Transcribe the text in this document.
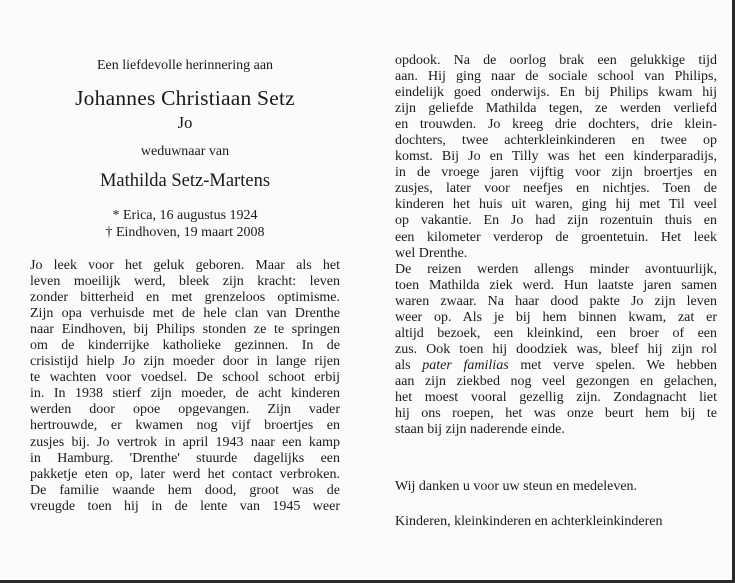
Een liefdevolle herinnering aan
Johannes Christiaan Setz
Jo
weduwnaar van
Mathilda Setz-Martens
* Erica, 16 augustus 1924
† Eindhoven, 19 maart 2008
Jo leek voor het geluk geboren. Maar als het
leven moeilijk werd, bleek zijn kracht: leven
zonder bitterheid en met grenzeloos optimisme.
Zijn opa verhuisde met de hele clan van Drenthe
naar Eindhoven, bij Philips stonden ze te springen
om de kinderrijke katholieke gezinnen. In de
crisistijd hielp Jo zijn moeder door in lange rijen
te wachten voor voedsel. De school schoot erbij
in. In 1938 stierf zijn moeder, de acht kinderen
werden door opoe opgevangen. Zijn vader
hertrouwde, er kwamen nog vijf broertjes en
zusjes bij. Jo vertrok in april 1943 naar een kamp
in Hamburg. 'Drenthe' stuurde dagelijks een
pakketje eten op, later werd het contact verbroken.
De familie waande hem dood, groot was de
vreugde toen hij in de lente van 1945 weer
opdook. Na de oorlog brak een gelukkige tijd
aan. Hij ging naar de sociale school van Philips,
eindelijk goed onderwijs. En bij Philips kwam hij
zijn geliefde Mathilda tegen, ze werden verliefd
en trouwden. Jo kreeg drie dochters, drie klein-
dochters, twee achterkleinkinderen en twee op
komst. Bij Jo en Tilly was het een kinderparadijs,
in de vroege jaren vijftig voor zijn broertjes en
zusjes, later voor neefjes en nichtjes. Toen de
kinderen het huis uit waren, ging hij met Til veel
op vakantie. En Jo had zijn rozentuin thuis en
een kilometer verderop de groentetuin. Het leek
wel Drenthe.
De reizen werden allengs minder avontuurlijk,
toen Mathilda ziek werd. Hun laatste jaren samen
waren zwaar. Na haar dood pakte Jo zijn leven
weer op. Als je bij hem binnen kwam, zat er
altijd bezoek, een kleinkind, een broer of een
zus. Ook toen hij doodziek was, bleef hij zijn rol
als pater familias met verve spelen. We hebben
aan zijn ziekbed nog veel gezongen en gelachen,
het moest vooral gezellig zijn. Zondagnacht liet
hij ons roepen, het was onze beurt hem bij te
staan bij zijn naderende einde.
Wij danken u voor uw steun en medeleven.
Kinderen, kleinkinderen en achterkleinkinderen
